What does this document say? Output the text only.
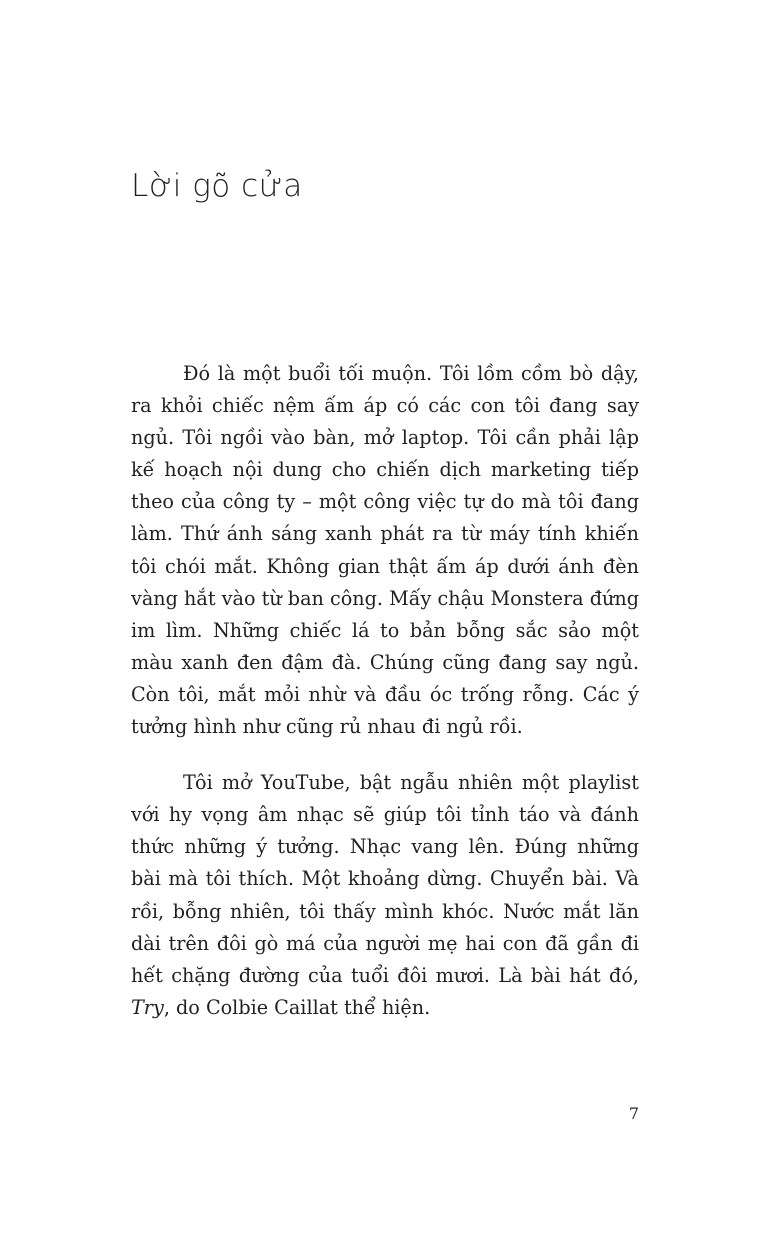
Lời gõ cửa

Đó là một buổi tối muộn. Tôi lồm cồm bò dậy, ra khỏi chiếc nệm ấm áp có các con tôi đang say ngủ. Tôi ngồi vào bàn, mở laptop. Tôi cần phải lập kế hoạch nội dung cho chiến dịch marketing tiếp theo của công ty – một công việc tự do mà tôi đang làm. Thứ ánh sáng xanh phát ra từ máy tính khiến tôi chói mắt. Không gian thật ấm áp dưới ánh đèn vàng hắt vào từ ban công. Mấy chậu Monstera đứng im lìm. Những chiếc lá to bản bỗng sắc sảo một màu xanh đen đậm đà. Chúng cũng đang say ngủ. Còn tôi, mắt mỏi nhừ và đầu óc trống rỗng. Các ý tưởng hình như cũng rủ nhau đi ngủ rồi.

Tôi mở YouTube, bật ngẫu nhiên một playlist với hy vọng âm nhạc sẽ giúp tôi tỉnh táo và đánh thức những ý tưởng. Nhạc vang lên. Đúng những bài mà tôi thích. Một khoảng dừng. Chuyển bài. Và rồi, bỗng nhiên, tôi thấy mình khóc. Nước mắt lăn dài trên đôi gò má của người mẹ hai con đã gần đi hết chặng đường của tuổi đôi mươi. Là bài hát đó, Try, do Colbie Caillat thể hiện.

7
